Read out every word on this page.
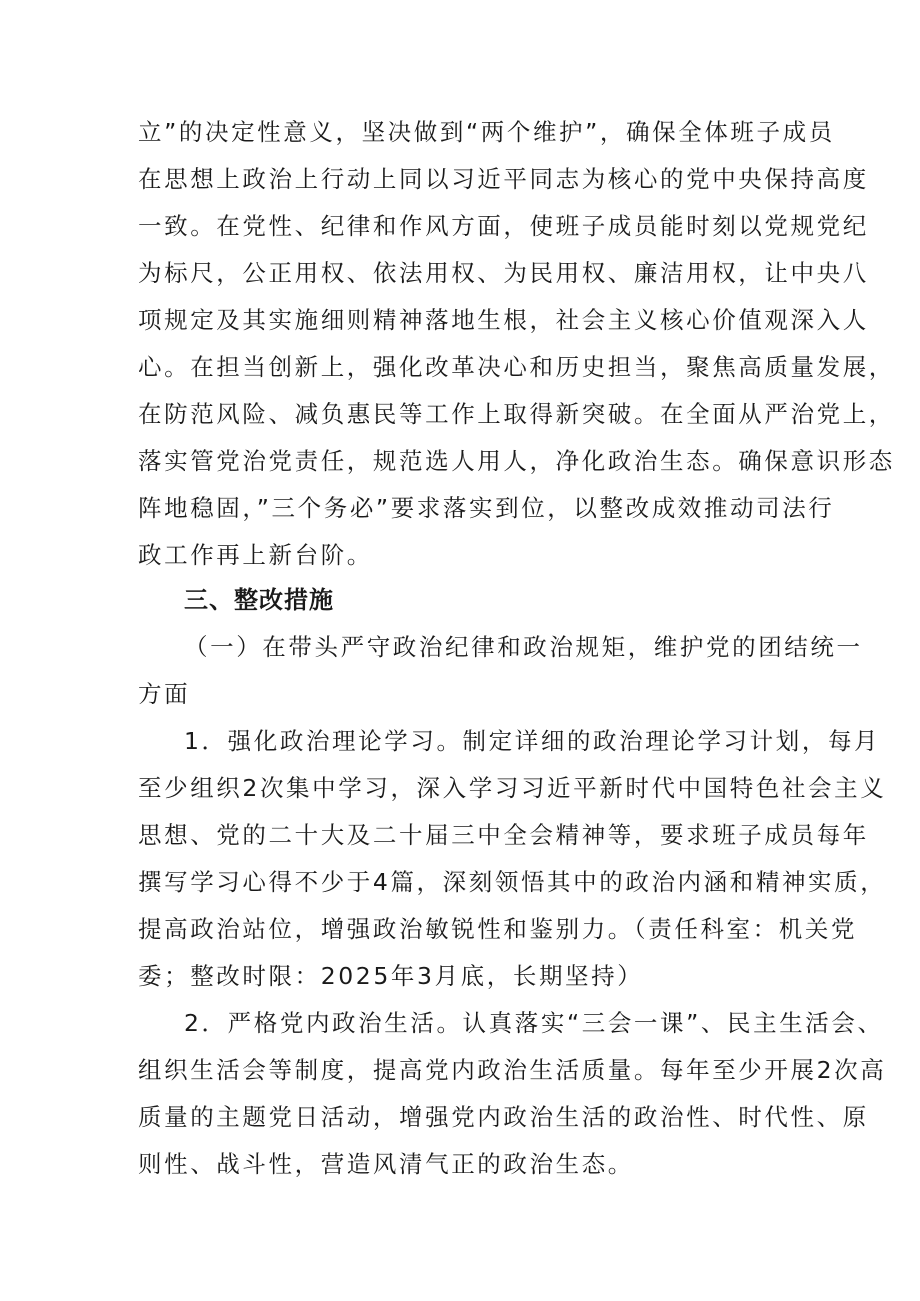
立”的决定性意义，坚决做到“两个维护”，确保全体班子成员
在思想上政治上行动上同以习近平同志为核心的党中央保持高度
一致。在党性、纪律和作风方面，使班子成员能时刻以党规党纪
为标尺，公正用权、依法用权、为民用权、廉洁用权，让中央八
项规定及其实施细则精神落地生根，社会主义核心价值观深入人
心。在担当创新上，强化改革决心和历史担当，聚焦高质量发展，
在防范风险、减负惠民等工作上取得新突破。在全面从严治党上，
落实管党治党责任，规范选人用人，净化政治生态。确保意识形态
阵地稳固，”三个务必”要求落实到位，以整改成效推动司法行
政工作再上新台阶。
三、整改措施
（一）在带头严守政治纪律和政治规矩，维护党的团结统一
方面
1．强化政治理论学习。制定详细的政治理论学习计划，每月
至少组织2次集中学习，深入学习习近平新时代中国特色社会主义
思想、党的二十大及二十届三中全会精神等，要求班子成员每年
撰写学习心得不少于4篇，深刻领悟其中的政治内涵和精神实质，
提高政治站位，增强政治敏锐性和鉴别力。（责任科室：机关党
委；整改时限：2025年3月底，长期坚持）
2．严格党内政治生活。认真落实“三会一课”、民主生活会、
组织生活会等制度，提高党内政治生活质量。每年至少开展2次高
质量的主题党日活动，增强党内政治生活的政治性、时代性、原
则性、战斗性，营造风清气正的政治生态。
